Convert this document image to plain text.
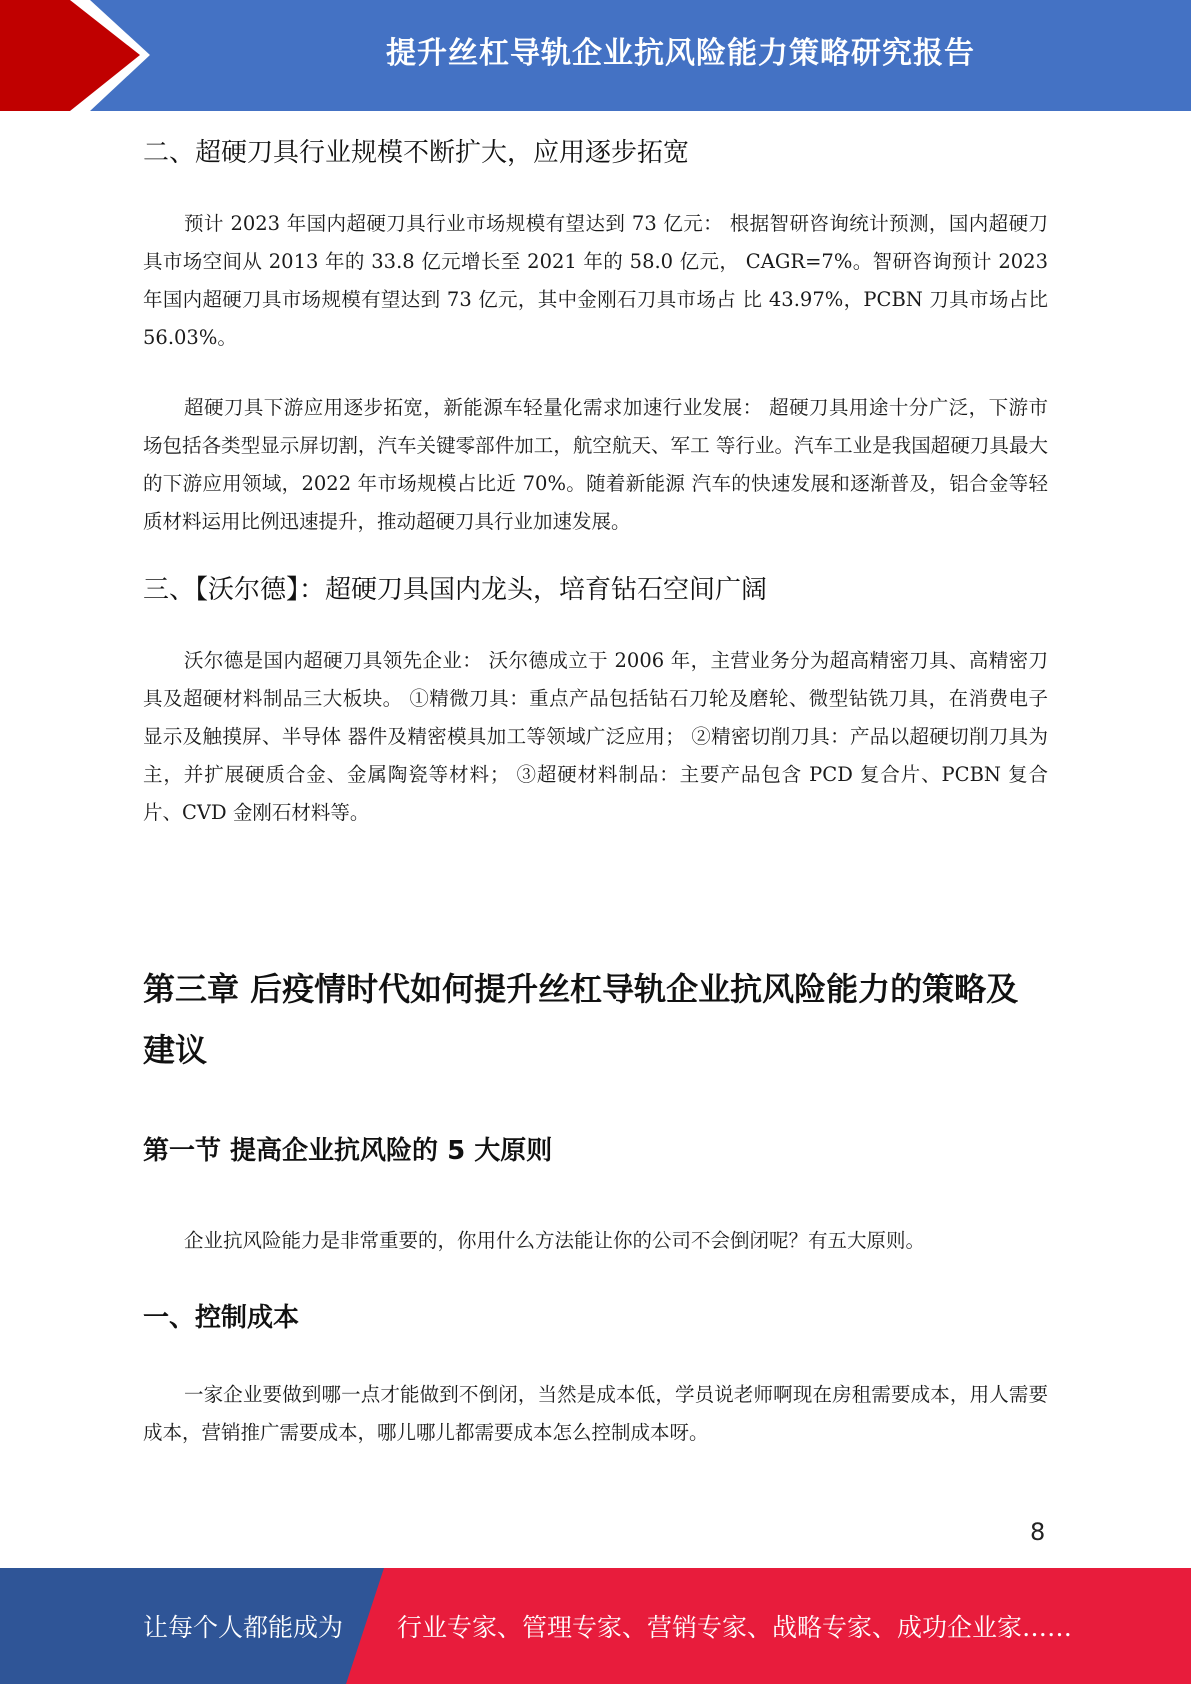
提升丝杠导轨企业抗风险能力策略研究报告
二、超硬刀具行业规模不断扩大，应用逐步拓宽

预计 2023 年国内超硬刀具行业市场规模有望达到 73 亿元： 根据智研咨询统计预测，国内超硬刀具市场空间从 2013 年的 33.8 亿元增长至 2021 年的 58.0 亿元， CAGR=7%。智研咨询预计 2023 年国内超硬刀具市场规模有望达到 73 亿元，其中金刚石刀具市场占 比 43.97%，PCBN 刀具市场占比 56.03%。

超硬刀具下游应用逐步拓宽，新能源车轻量化需求加速行业发展： 超硬刀具用途十分广泛，下游市场包括各类型显示屏切割，汽车关键零部件加工，航空航天、军工 等行业。汽车工业是我国超硬刀具最大的下游应用领域，2022 年市场规模占比近 70%。随着新能源 汽车的快速发展和逐渐普及，铝合金等轻质材料运用比例迅速提升，推动超硬刀具行业加速发展。

三、【沃尔德】：超硬刀具国内龙头，培育钻石空间广阔

沃尔德是国内超硬刀具领先企业： 沃尔德成立于 2006 年，主营业务分为超高精密刀具、高精密刀具及超硬材料制品三大板块。 ①精微刀具：重点产品包括钻石刀轮及磨轮、微型钻铣刀具，在消费电子 显示及触摸屏、半导体 器件及精密模具加工等领域广泛应用； ②精密切削刀具：产品以超硬切削刀具为主，并扩展硬质合金、金属陶瓷等材料； ③超硬材料制品：主要产品包含 PCD 复合片、PCBN 复合片、CVD 金刚石材料等。

第三章 后疫情时代如何提升丝杠导轨企业抗风险能力的策略及建议
第一节 提高企业抗风险的 5 大原则

企业抗风险能力是非常重要的，你用什么方法能让你的公司不会倒闭呢？有五大原则。

一、控制成本

一家企业要做到哪一点才能做到不倒闭，当然是成本低，学员说老师啊现在房租需要成本，用人需要成本，营销推广需要成本，哪儿哪儿都需要成本怎么控制成本呀。

8
让每个人都能成为 行业专家、管理专家、营销专家、战略专家、成功企业家……
